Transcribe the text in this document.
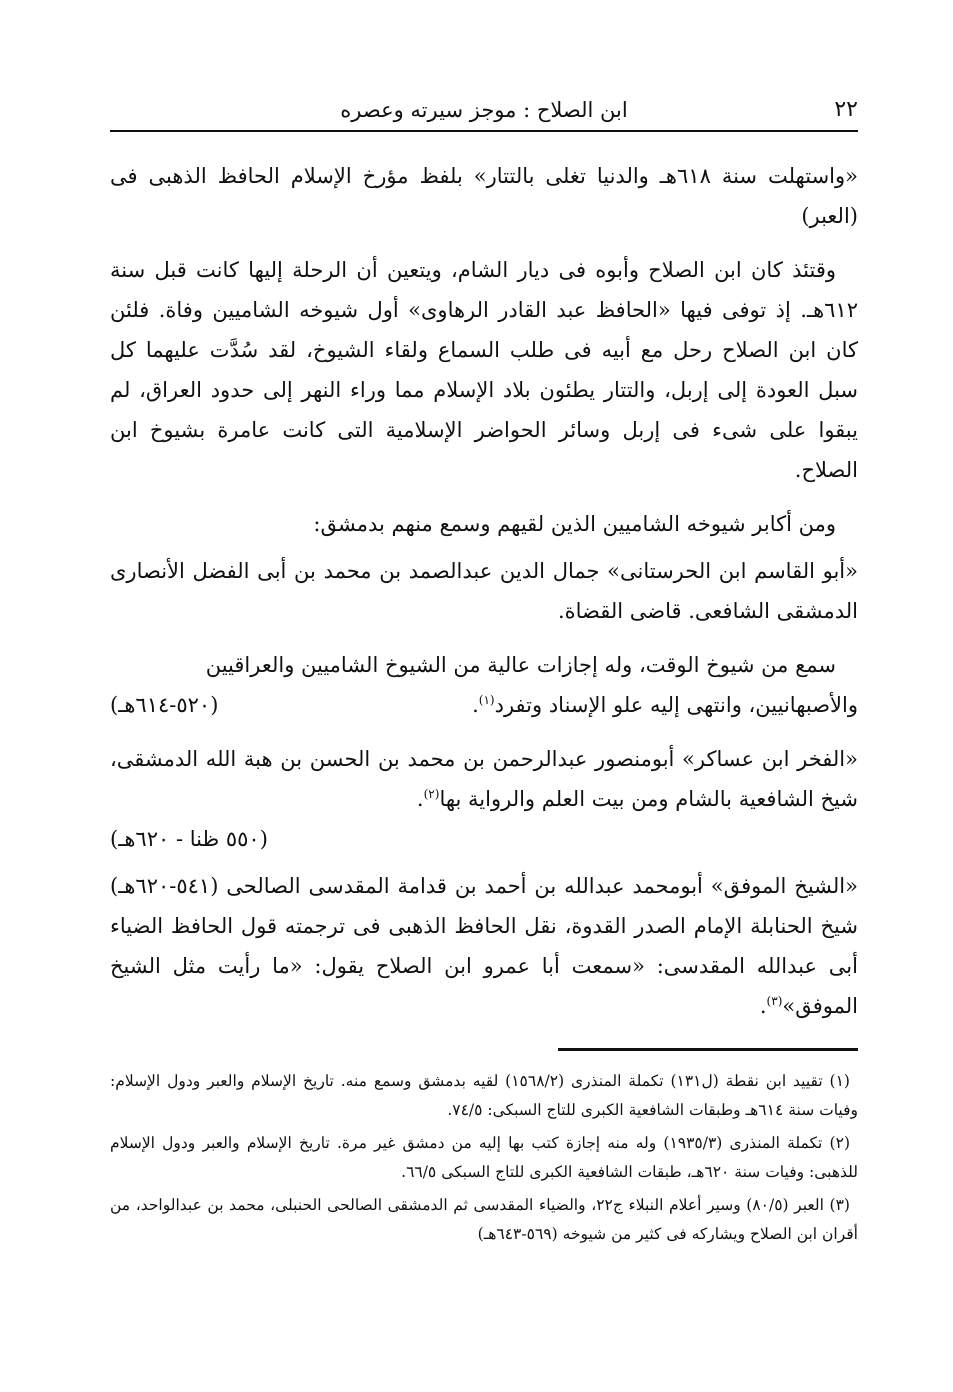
٢٢
ابن الصلاح : موجز سيرته وعصره

«واستهلت سنة ٦١٨هـ والدنيا تغلى بالتتار» بلفظ مؤرخ الإسلام الحافظ الذهبى فى (العبر)

وقتئذ كان ابن الصلاح وأبوه فى ديار الشام، ويتعين أن الرحلة إليها كانت قبل سنة ٦١٢هـ. إذ توفى فيها «الحافظ عبد القادر الرهاوى» أول شيوخه الشاميين وفاة. فلئن كان ابن الصلاح رحل مع أبيه فى طلب السماع ولقاء الشيوخ، لقد سُدَّت عليهما كل سبل العودة إلى إربل، والتتار يطئون بلاد الإسلام مما وراء النهر إلى حدود العراق، لم يبقوا على شىء فى إربل وسائر الحواضر الإسلامية التى كانت عامرة بشيوخ ابن الصلاح.

ومن أكابر شيوخه الشاميين الذين لقيهم وسمع منهم بدمشق:

«أبو القاسم ابن الحرستانى» جمال الدين عبدالصمد بن محمد بن أبى الفضل الأنصارى الدمشقى الشافعى. قاضى القضاة.

سمع من شيوخ الوقت، وله إجازات عالية من الشيوخ الشاميين والعراقيين

والأصبهانيين، وانتهى إليه علو الإسناد وتفرد$^{(١)}$.

(٥٢٠-٦١٤هـ)

«الفخر ابن عساكر» أبومنصور عبدالرحمن بن محمد بن الحسن بن هبة الله الدمشقى، شيخ الشافعية بالشام ومن بيت العلم والرواية بها$^{(٢)}$.

(٥٥٠ ظنا - ٦٢٠هـ)

«الشيخ الموفق» أبومحمد عبدالله بن أحمد بن قدامة المقدسى الصالحى (٥٤١-٦٢٠هـ) شيخ الحنابلة الإمام الصدر القدوة، نقل الحافظ الذهبى فى ترجمته قول الحافظ الضياء أبى عبدالله المقدسى: «سمعت أبا عمرو ابن الصلاح يقول: «ما رأيت مثل الشيخ الموفق»$^{(٣)}$.

(١) تقييد ابن نقطة (ل١٣١) تكملة المنذرى (١٥٦٨/٢) لقيه بدمشق وسمع منه. تاريخ الإسلام والعبر ودول الإسلام: وفيات سنة ٦١٤هـ وطبقات الشافعية الكبرى للتاج السبكى: ٧٤/٥.

(٢) تكملة المنذرى (١٩٣٥/٣) وله منه إجازة كتب بها إليه من دمشق غير مرة. تاريخ الإسلام والعبر ودول الإسلام للذهبى: وفيات سنة ٦٢٠هـ، طبقات الشافعية الكبرى للتاج السبكى ٦٦/٥.

(٣) العبر (٨٠/٥) وسير أعلام النبلاء ج٢٢، والضياء المقدسى ثم الدمشقى الصالحى الحنبلى، محمد بن عبدالواحد، من أقران ابن الصلاح ويشاركه فى كثير من شيوخه (٥٦٩-٦٤٣هـ)
